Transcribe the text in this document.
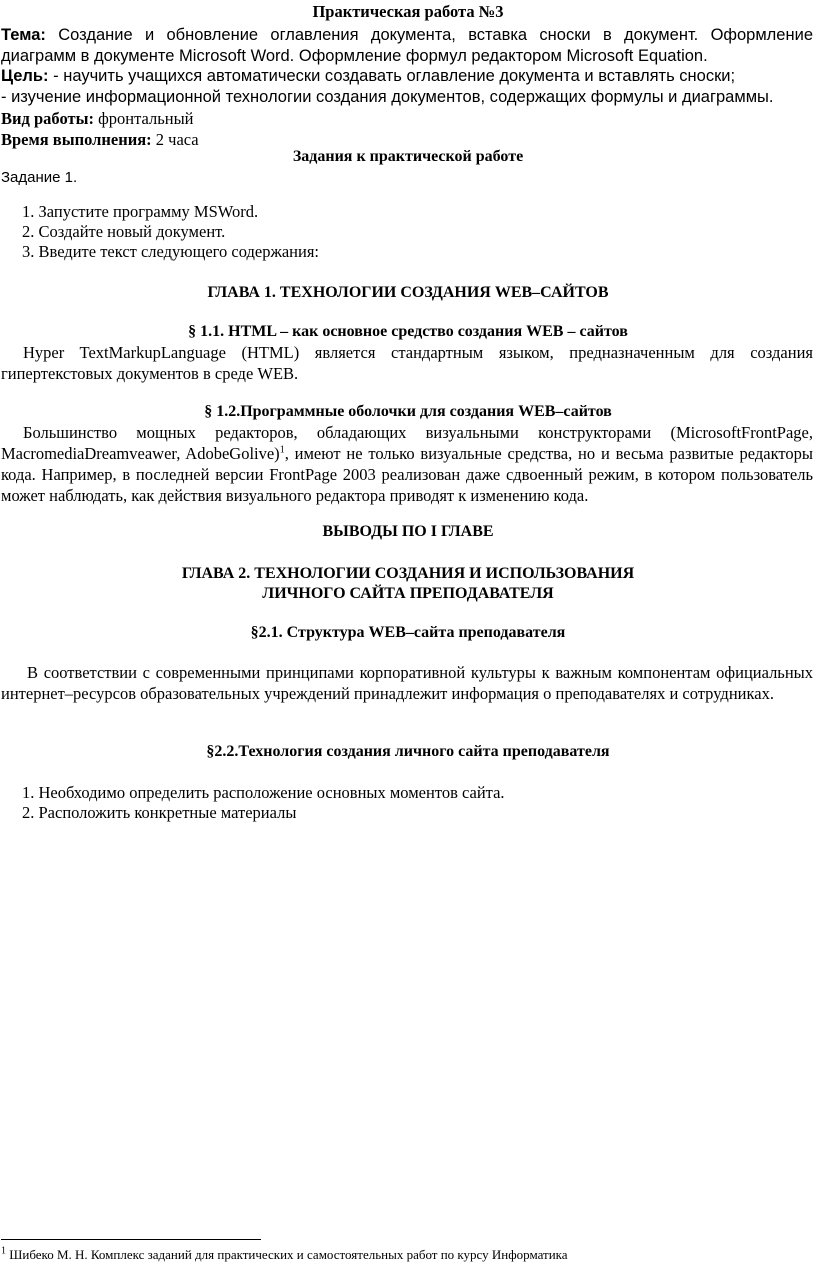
Практическая работа №3
Тема: Создание и обновление оглавления документа, вставка сноски в документ. Оформление диаграмм в документе Microsoft Word. Оформление формул редактором Microsoft Equation.
Цель: - научить учащихся автоматически создавать оглавление документа и вставлять сноски;
- изучение информационной технологии создания документов, содержащих формулы и диаграммы.
Вид работы: фронтальный
Время выполнения: 2 часа
Задания к практической работе
Задание 1.
1. Запустите программу MSWord.
2. Создайте новый документ.
3. Введите текст следующего содержания:
ГЛАВА 1. ТЕХНОЛОГИИ СОЗДАНИЯ WEB–САЙТОВ
§ 1.1. HTML – как основное средство создания WEB – сайтов
Hyper TextMarkupLanguage (HTML) является стандартным языком, предназначенным для создания гипертекстовых документов в среде WEB.
§ 1.2.Программные оболочки для создания WEB–сайтов
Большинство мощных редакторов, обладающих визуальными конструкторами (MicrosoftFrontPage, MacromediaDreamveawer, AdobeGolive)$^1$, имеют не только визуальные средства, но и весьма развитые редакторы кода. Например, в последней версии FrontPage 2003 реализован даже сдвоенный режим, в котором пользователь может наблюдать, как действия визуального редактора приводят к изменению кода.
ВЫВОДЫ ПО I ГЛАВЕ
ГЛАВА 2. ТЕХНОЛОГИИ СОЗДАНИЯ И ИСПОЛЬЗОВАНИЯ
ЛИЧНОГО САЙТА ПРЕПОДАВАТЕЛЯ
§2.1. Структура WEB–сайта преподавателя
В соответствии с современными принципами корпоративной культуры к важным компонентам официальных интернет–ресурсов образовательных учреждений принадлежит информация о преподавателях и сотрудниках.
§2.2.Технология создания личного сайта преподавателя
1. Необходимо определить расположение основных моментов сайта.
2. Расположить конкретные материалы
$^1$ Шибеко М. Н. Комплекс заданий для практических и самостоятельных работ по курсу Информатика
